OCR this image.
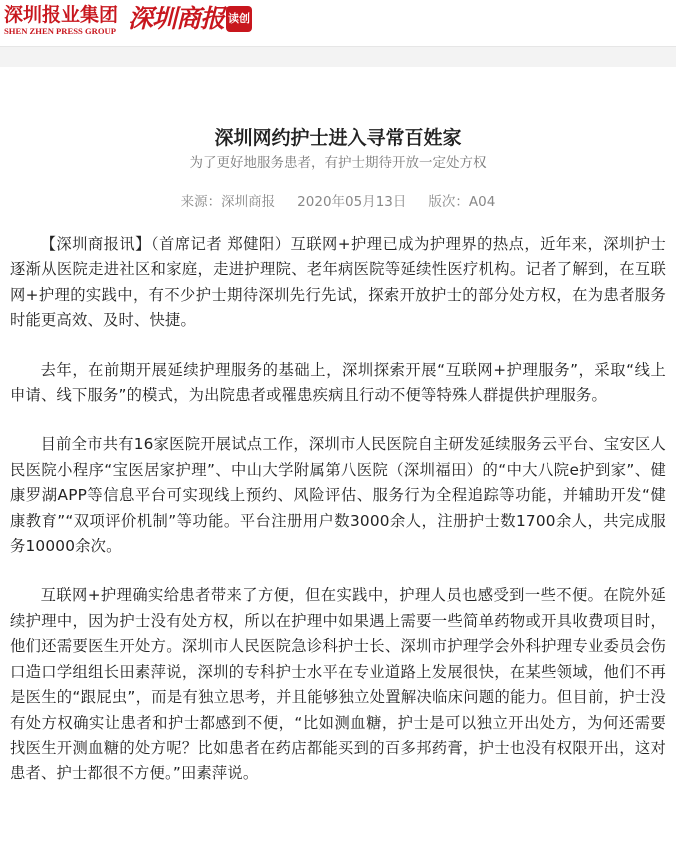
深圳报业集团
SHEN ZHEN PRESS GROUP 深圳商报 读创
深圳网约护士进入寻常百姓家
为了更好地服务患者，有护士期待开放一定处方权
来源：深圳商报 2020年05月13日 版次：A04

【深圳商报讯】（首席记者 郑健阳）互联网+护理已成为护理界的热点，近年来，深圳护士逐渐从医院走进社区和家庭，走进护理院、老年病医院等延续性医疗机构。记者了解到，在互联网+护理的实践中，有不少护士期待深圳先行先试，探索开放护士的部分处方权，在为患者服务时能更高效、及时、快捷。

去年，在前期开展延续护理服务的基础上，深圳探索开展“互联网+护理服务”，采取“线上申请、线下服务”的模式，为出院患者或罹患疾病且行动不便等特殊人群提供护理服务。

目前全市共有16家医院开展试点工作，深圳市人民医院自主研发延续服务云平台、宝安区人民医院小程序“宝医居家护理”、中山大学附属第八医院（深圳福田）的“中大八院e护到家”、健康罗湖APP等信息平台可实现线上预约、风险评估、服务行为全程追踪等功能，并辅助开发“健康教育”“双项评价机制”等功能。平台注册用户数3000余人，注册护士数1700余人，共完成服务10000余次。

互联网+护理确实给患者带来了方便，但在实践中，护理人员也感受到一些不便。在院外延续护理中，因为护士没有处方权，所以在护理中如果遇上需要一些简单药物或开具收费项目时，他们还需要医生开处方。深圳市人民医院急诊科护士长、深圳市护理学会外科护理专业委员会伤口造口学组组长田素萍说，深圳的专科护士水平在专业道路上发展很快，在某些领域，他们不再是医生的“跟屁虫”，而是有独立思考，并且能够独立处置解决临床问题的能力。但目前，护士没有处方权确实让患者和护士都感到不便，“比如测血糖，护士是可以独立开出处方，为何还需要找医生开测血糖的处方呢？比如患者在药店都能买到的百多邦药膏，护士也没有权限开出，这对患者、护士都很不方便。”田素萍说。
